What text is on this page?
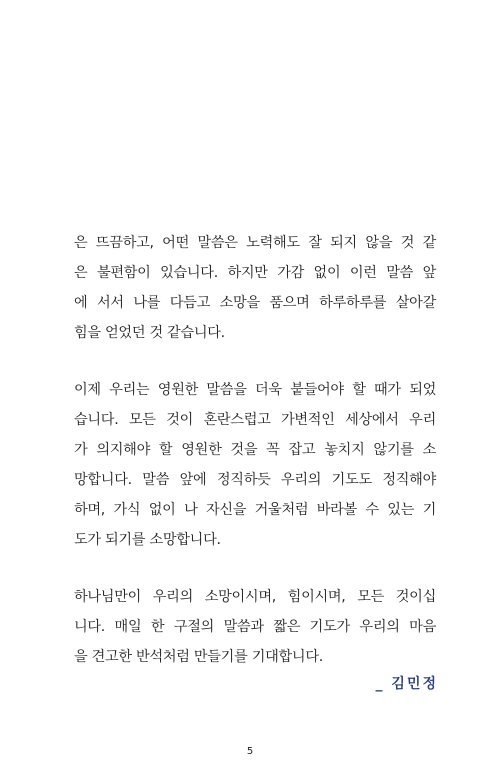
은 뜨끔하고, 어떤 말씀은 노력해도 잘 되지 않을 것 같
은 불편함이 있습니다. 하지만 가감 없이 이런 말씀 앞
에 서서 나를 다듬고 소망을 품으며 하루하루를 살아갈
힘을 얻었던 것 같습니다.
이제 우리는 영원한 말씀을 더욱 붙들어야 할 때가 되었
습니다. 모든 것이 혼란스럽고 가변적인 세상에서 우리
가 의지해야 할 영원한 것을 꼭 잡고 놓치지 않기를 소
망합니다. 말씀 앞에 정직하듯 우리의 기도도 정직해야
하며, 가식 없이 나 자신을 거울처럼 바라볼 수 있는 기
도가 되기를 소망합니다.
하나님만이 우리의 소망이시며, 힘이시며, 모든 것이십
니다. 매일 한 구절의 말씀과 짧은 기도가 우리의 마음
을 견고한 반석처럼 만들기를 기대합니다.
_ 김민정
5
